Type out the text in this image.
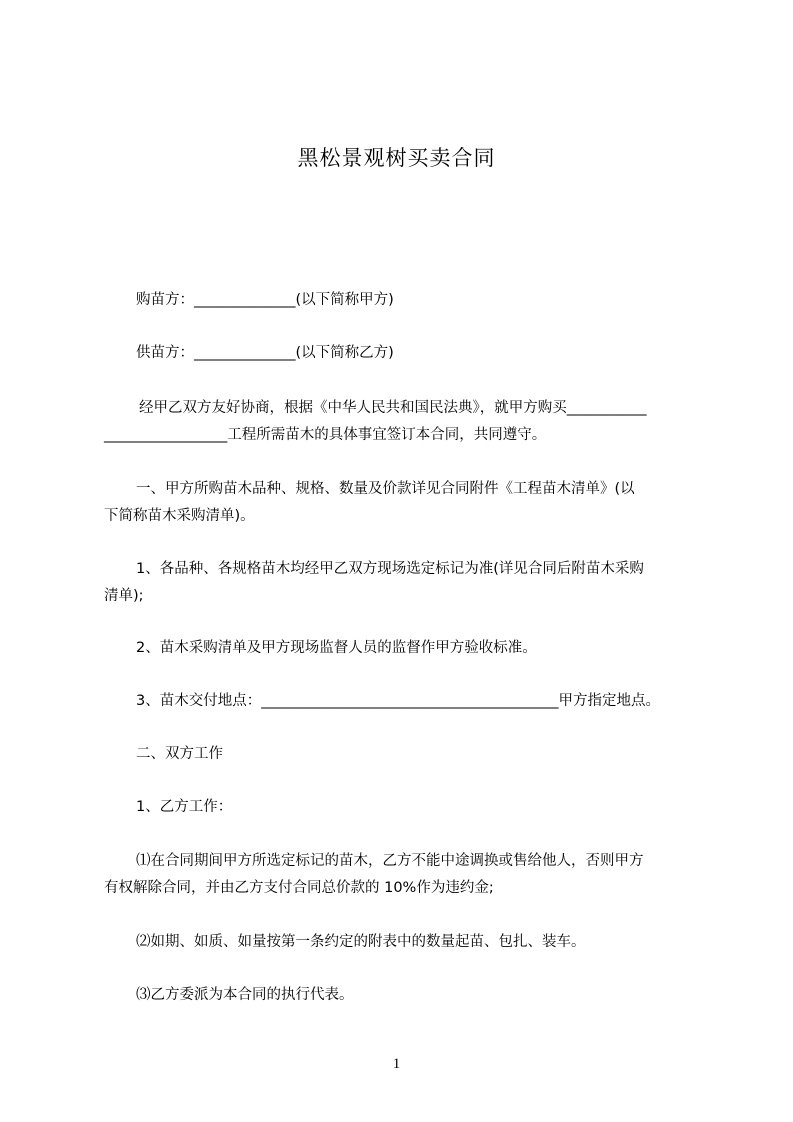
黑松景观树买卖合同
购苗方：______________(以下简称甲方)
供苗方：______________(以下简称乙方)
经甲乙双方友好协商，根据《中华人民共和国民法典》，就甲方购买___________
_________________工程所需苗木的具体事宜签订本合同，共同遵守。
一、甲方所购苗木品种、规格、数量及价款详见合同附件《工程苗木清单》(以
下简称苗木采购清单)。
1、各品种、各规格苗木均经甲乙双方现场选定标记为准(详见合同后附苗木采购
清单);
2、苗木采购清单及甲方现场监督人员的监督作甲方验收标准。
3、苗木交付地点：_________________________________________甲方指定地点。
二、双方工作
1、乙方工作：
⑴在合同期间甲方所选定标记的苗木，乙方不能中途调换或售给他人，否则甲方
有权解除合同，并由乙方支付合同总价款的 10%作为违约金;
⑵如期、如质、如量按第一条约定的附表中的数量起苗、包扎、装车。
⑶乙方委派为本合同的执行代表。
1
